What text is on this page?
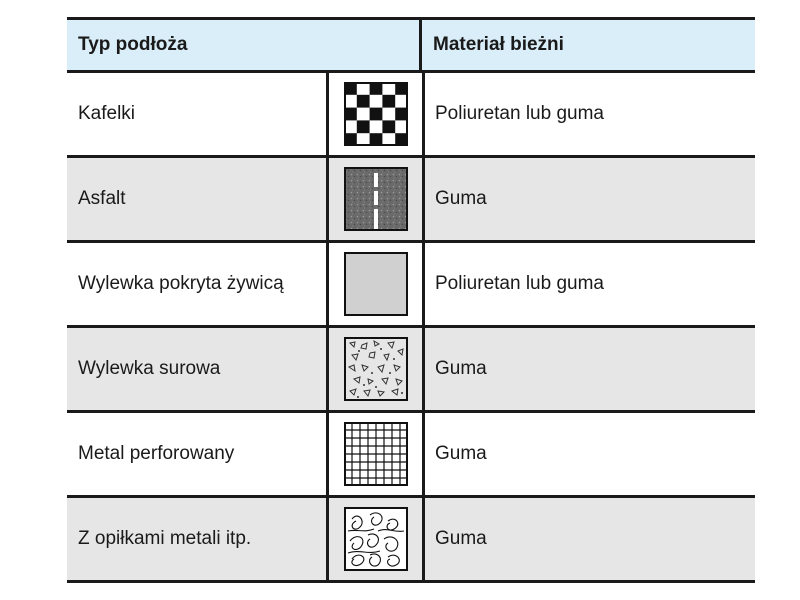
Typ podłoża	Materiał bieżni
Kafelki	Poliuretan lub guma
Asfalt	Guma
Wylewka pokryta żywicą	Poliuretan lub guma
Wylewka surowa	Guma
Metal perforowany	Guma
Z opiłkami metali itp.	Guma
